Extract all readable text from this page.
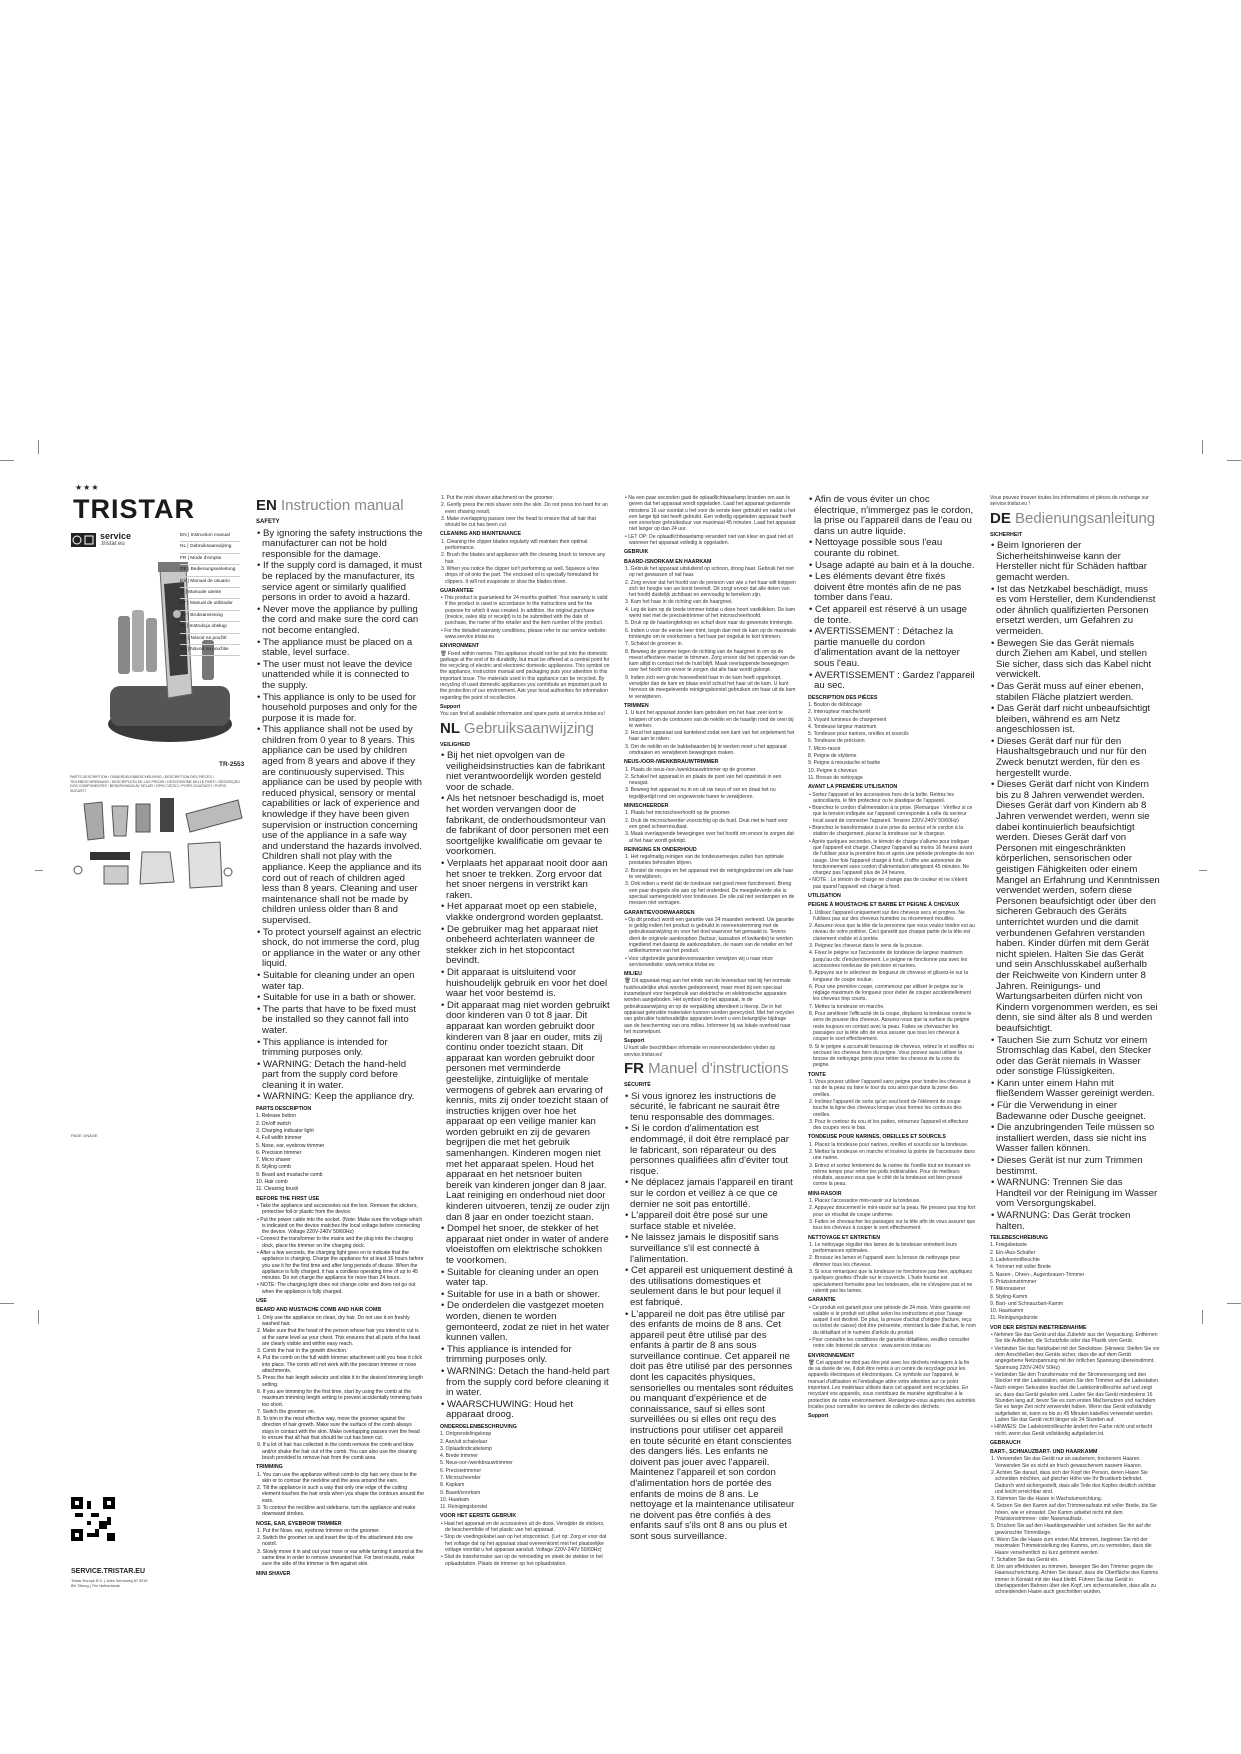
★★★
TRISTAR
service
.tristar.eu
EN | Instruction manual
NL | Gebruiksaanwijzing
FR | Mode d'emploi
DE | Bedienungsanleitung
ES | Manual de usuario
IT | Manuale utente
PT | Manual de utilizador
SV | Bruksanvisning
PL | Instrukcja obsługi
CS | Návod na použití
SK | Návod na použitie
TR-2553
PARTS DESCRIPTION / ONDERDELENBESCHRIJVING / DESCRIPTION DES PIÈCES / TEILEBESCHREIBUNG / DESCRIPCIÓN DE LAS PIEZAS / DESCRIZIONE DELLE PARTI / DESCRIÇÃO DOS COMPONENTES / BESKRIVNING AV DELAR / OPIS CZĘŚCI / POPIS SOUČÁSTÍ / POPIS SÚČASTÍ
PAGE 1/NAGE
SERVICE.TRISTAR.EU
Tristar Europe B.V. | Jules Verneweg 87 5015 BH Tilburg | The Netherlands
EN Instruction manual

SAFETY

• By ignoring the safety instructions the manufacturer can not be hold responsible for the damage.

• If the supply cord is damaged, it must be replaced by the manufacturer, its service agent or similarly qualified persons in order to avoid a hazard.

• Never move the appliance by pulling the cord and make sure the cord can not become entangled.

• The appliance must be placed on a stable, level surface.

• The user must not leave the device unattended while it is connected to the supply.

• This appliance is only to be used for household purposes and only for the purpose it is made for.

• This appliance shall not be used by children from 0 year to 8 years. This appliance can be used by children aged from 8 years and above if they are continuously supervised. This appliance can be used by people with reduced physical, sensory or mental capabilities or lack of experience and knowledge if they have been given supervision or instruction concerning use of the appliance in a safe way and understand the hazards involved. Children shall not play with the appliance. Keep the appliance and its cord out of reach of children aged less than 8 years. Cleaning and user maintenance shall not be made by children unless older than 8 and supervised.

• To protect yourself against an electric shock, do not immerse the cord, plug or appliance in the water or any other liquid.

• Suitable for cleaning under an open water tap.

• Suitable for use in a bath or shower.

• The parts that have to be fixed must be installed so they cannot fall into water.

• This appliance is intended for trimming purposes only.

• WARNING: Detach the hand-held part from the supply cord before cleaning it in water.

• WARNING: Keep the appliance dry.

PARTS DESCRIPTION

1. Release button

2. On/off switch

3. Charging indicator light

4. Full width trimmer

5. Nose, ear, eyebrow trimmer

6. Precision trimmer

7. Micro shaver

8. Styling comb

9. Beard and mustache comb

10. Hair comb

11. Cleaning brush

BEFORE THE FIRST USE

• Take the appliance and accessories out the box. Remove the stickers, protective foil or plastic from the device.

• Put the power cable into the socket. (Note: Make sure the voltage which is indicated on the device matches the local voltage before connecting the device. Voltage 220V-240V 50/60Hz)

• Connect the transformer to the mains and the plug into the charging dock, place the trimmer on the charging dock.

• After a few seconds, the charging light goes on to indicate that the appliance is charging. Charge the appliance for at least 16 hours before you use it for the first time and after long periods of disuse. When the appliance is fully charged, it has a cordless operating time of up to 45 minutes. Do not charge the appliance for more than 24 hours.

• NOTE: The charging light does not change color and does not go out when the appliance is fully charged.

USE

BEARD AND MUSTACHE COMB AND HAIR COMB

1. Only use the appliance on clean, dry hair. Do not use it on freshly washed hair.

2. Make sure that the head of the person whose hair you intend to cut is at the same level as your chest. This ensures that all parts of the head are clearly visible and within easy reach.

3. Comb the hair in the growth direction.

4. Put the comb on the full width trimmer attachment until you hear it click into place. The comb will not work with the precision trimmer or nose attachments.

5. Press the hair length selector and slide it to the desired trimming length setting.

6. If you are trimming for the first time, start by using the comb at the maximum trimming length setting to prevent accidentally trimming hairs too short.

7. Switch the groomer on.

8. To trim in the most effective way, move the groomer against the direction of hair growth. Make sure the surface of the comb always stays in contact with the skin. Make overlapping passes over the head to ensure that all hair that should be cut has been cut.

9. If a lot of hair has collected in the comb remove the comb and blow and/or shake the hair out of the comb. You can also use the cleaning brush provided to remove hair from the comb area.

TRIMMING

1. You can use the appliance without comb to clip hair very close to the skin or to contour the neckline and the area around the ears.

2. Tilt the appliance in such a way that only one edge of the cutting element touches the hair ends when you shape the contours around the ears.

3. To contour the neckline and sideburns, turn the appliance and make downward strokes.

NOSE, EAR, EYEBROW TRIMMER

1. Put the Nose, ear, eyebrow trimmer on the groomer.

2. Switch the groomer on and insert the tip of the attachment into one nostril.

3. Slowly move it in and out your nose or ear while turning it around at the same time in order to remove unwanted hair. For best results, make sure the side of the trimmer is firm against skin.

MINI SHAVER

1. Put the mini shaver attachment on the groomer.

2. Gently press the mini shaver onto the skin. Do not press too hard for an even shaving result.

3. Make overlapping passes over the head to ensure that all hair that should be cut has been cut.

CLEANING AND MAINTENANCE

1. Cleaning the clipper blades regularly will maintain their optimal performance.

2. Brush the blades and appliance with the cleaning brush to remove any hair.

3. When you notice the clipper isn't performing as well, Squeeze a few drops of oil onto the part. The enclosed oil is specially formulated for clippers. It will not evaporate or slow the blades down.

GUARANTEE

• This product is guaranteed for 24 months gratified. Your warranty is valid if the product is used in accordance to the instructions and for the purpose for which it was created. In addition, the original purchase (invoice, sales slip or receipt) is to be submitted with the date of purchase, the name of the retailer and the item number of the product.

• For the detailed warranty conditions, please refer to our service website: www.service.tristar.eu

ENVIRONMENT

🗑 Fixed within narrow. This appliance should not be put into the domestic garbage at the end of its durability, but must be offered at a central point for the recycling of electric and electronic domestic appliances. This symbol on the appliance, instruction manual and packaging puts your attention to this important issue. The materials used in this appliance can be recycled. By recycling of used domestic appliances you contribute an important push to the protection of our environment. Ask your local authorities for information regarding the point of recollection.

Support

You can find all available information and spare parts at service.tristar.eu!

NL Gebruiksaanwijzing

VEILIGHEID

• Bij het niet opvolgen van de veiligheidsinstructies kan de fabrikant niet verantwoordelijk worden gesteld voor de schade.

• Als het netsnoer beschadigd is, moet het worden vervangen door de fabrikant, de onderhoudsmonteur van de fabrikant of door personen met een soortgelijke kwalificatie om gevaar te voorkomen.

• Verplaats het apparaat nooit door aan het snoer te trekken. Zorg ervoor dat het snoer nergens in verstrikt kan raken.

• Het apparaat moet op een stabiele, vlakke ondergrond worden geplaatst.

• De gebruiker mag het apparaat niet onbeheerd achterlaten wanneer de stekker zich in het stopcontact bevindt.

• Dit apparaat is uitsluitend voor huishoudelijk gebruik en voor het doel waar het voor bestemd is.

• Dit apparaat mag niet worden gebruikt door kinderen van 0 tot 8 jaar. Dit apparaat kan worden gebruikt door kinderen van 8 jaar en ouder, mits zij continu onder toezicht staan. Dit apparaat kan worden gebruikt door personen met verminderde geestelijke, zintuiglijke of mentale vermogens of gebrek aan ervaring of kennis, mits zij onder toezicht staan of instructies krijgen over hoe het apparaat op een veilige manier kan worden gebruikt en zij de gevaren begrijpen die met het gebruik samenhangen. Kinderen mogen niet met het apparaat spelen. Houd het apparaat en het netsnoer buiten bereik van kinderen jonger dan 8 jaar. Laat reiniging en onderhoud niet door kinderen uitvoeren, tenzij ze ouder zijn dan 8 jaar en onder toezicht staan.

• Dompel het snoer, de stekker of het apparaat niet onder in water of andere vloeistoffen om elektrische schokken te voorkomen.

• Suitable for cleaning under an open water tap.

• Suitable for use in a bath or shower.

• De onderdelen die vastgezet moeten worden, dienen te worden gemonteerd, zodat ze niet in het water kunnen vallen.

• This appliance is intended for trimming purposes only.

• WARNING: Detach the hand-held part from the supply cord before cleaning it in water.

• WAARSCHUWING: Houd het apparaat droog.

ONDERDELENBESCHRIJVING

1. Ontgrendelingsknop

2. Aan/uit schakelaar

3. Oplaadindicatielamp

4. Brede trimmer

5. Neus-oor-/wenkbrauwtrimmer

6. Precisietrimmer

7. Microscheerder

8. Kapkam

9. Baard/snorkam

10. Haarkam

11. Reinigingsborstel

VOOR HET EERSTE GEBRUIK

• Haal het apparaat en de accessoires uit de doos. Verwijder de stickers, de beschermfolie of het plastic van het apparaat.

• Stop de voedingskabel aan op het stopcontact. (Let op: Zorg er voor dat het voltage dat op het apparaat staat overeenkomt met het plaatselijke voltage voordat u het apparaat aansluit. Voltage 220V-240V 50/60Hz)

• Sluit de transformator aan op de netvoeding en steek de stekker in het oplaadstation. Plaats de trimmer op het oplaadstation.

• Na een paar seconden gaat de oplaadlichtwaarlamp branden om aan te geven dat het apparaat wordt opgeladen. Laad het apparaat gedurende minstens 16 uur voordat u het voor de eerste keer gebruikt en nadat u het een lange tijd niet heeft gebruikt. Een volledig opgeladen apparaat heeft een snoerloze gebruiksduur van maximaal 45 minuten. Laad het apparaat niet langer op dan 24 uur.

• LET OP: De oplaadlichtwaarlamp verandert niet van kleur en gaat niet uit wanneer het apparaat volledig is opgeladen.

GEBRUIK

BAARD-/SNORKAM EN HAARKAM

1. Gebruik het apparaat uitsluitend op schoon, droog haar. Gebruik het niet op net gewassen of nat haar.

2. Zorg ervoor dat het hoofd van de persoon van wie u het haar wilt knippen zich ter hoogte van uw borst bevindt. Dit zorgt ervoor dat alle delen van het hoofd duidelijk zichtbaar en eenvoudig te bereiken zijn.

3. Kam het haar in de richting van de haargroei.

4. Leg de kam op de brede trimmer totdat u deze hoort vastklikken. De kam werkt niet met de precisietrimmer of het microscheerhoofd.

5. Druk op de haarlengteknop en schuif deze naar de gewenste trimlengte.

6. Indien u voor de eerste keer trimt, begin dan met de kam op de maximale trimlengte om te voorkomen u het haar per ongeluk te kort trimmen.

7. Schakel de groomer in.

8. Beweeg de groomer tegen de richting van de haargroei in om op de meest effectieve manier te trimmen. Zorg ervoor dat het oppervlak van de kam altijd in contact met de huid blijft. Maak overlappende bewegingen over het hoofd om ervoor te zorgen dat alle haar wordt geknipt.

9. Indien zich een grote hoeveelheid haar in de kam heeft opgehoopt, verwijder dan de kam en blaas en/of schud het haar uit de kam. U kunt hiervoor de meegeleverde reinigingsborstel gebruiken om haar uit de kam te verwijderen.

TRIMMEN

1. U kunt het apparaat zonder kam gebruiken om het haar zeer kort te knippen of om de contouren van de nekliin en de haarlijn rond de oren bij te werken.

2. Houd het apparaat wat kantelend zodat een kant van het snijelement het haar aan te raken.

3. Om de nekliin en de bakkebaarden bij te werken moet u het apparaat omdraaien en verwijderen bewegingen maken.

NEUS-/OOR-/WENKBRAUWTRIMMER

1. Plaats de neus-/oor-/wenkbrauwtrimmer op de groomer.

2. Schakel het apparaat in en plaats de punt van het opzetstuk in een neusgat.

3. Beweeg het apparaat nu in en uit uw neus of oor en draai het nu tegelijkertijd rond om ongewenste haren te verwijderen.

MINISCHEERDER

1. Plaats het microscheerhoofd op de groomer.

2. Druk de microscheerder voorzichtig op de huid. Druk niet te hard voor een goed scheerresultaat.

3. Maak overlappende bewegingen over het hoofd om ervoor te zorgen dat al het haar wordt geknipt.

REINIGING EN ONDERHOUD

1. Het regelmatig reinigen van de tondeusemesjes zullen hun optimale prestaties behouden blijven.

2. Borstel de mesjes en het apparaat met de reinigingsborstel om alle haar te verwijderen.

3. Ook indien u merkt dat de tondeuse niet goed meer functioneert. Breng een paar druppels olie aan op het onderdeel. De meegeleverde olie is speciaal samengesteld voor tondeuses. De olie zal niet verdampen en de messen niet vertragen.

GARANTIEVOORWAARDEN

• Op dit product wordt een garantie van 24 maanden verleend. Uw garantie is geldig indien het product is gebruikt in overeenstemming met de gebruiksaanwijzing en voor het doel waarvoor het gemaakt is. Tevens dient de originele aankoopbon (factuur, kassabon of kwitantie) te worden ingediend met daarop de aankoopdatum, de naam van de retailer en het artikelnummer van het product.

• Voor uitgebreide garantievoorwaarden verwijzen wij u naar onze servicewebsite: www.service.tristar.eu

MILIEU

🗑 Dit apparaat mag aan het einde van de levensduur niet bij het normale huishoudelijke afval worden gedeponeerd, maar moet bij een speciaal inzamelpunt voor hergebruik van elektrische en elektronische apparaten worden aangeboden. Het symbool op het apparaat, in de gebruiksaanwijzing en op de verpakking attendeert u hierop. De in het apparaat gebruikte materialen kunnen worden gerecycled. Met het recyclen van gebruikte huishoudelijke apparaten levert u een belangrijke bijdrage aan de bescherming van ons milieu. Informeer bij uw lokale overheid naar het inzamelpunt.

Support

U kunt alle beschikbare informatie en reserveonderdelen vinden op service.tristar.eu!

FR Manuel d'instructions

SÉCURITÉ

• Si vous ignorez les instructions de sécurité, le fabricant ne saurait être tenu responsable des dommages.

• Si le cordon d'alimentation est endommagé, il doit être remplacé par le fabricant, son réparateur ou des personnes qualifiées afin d'éviter tout risque.

• Ne déplacez jamais l'appareil en tirant sur le cordon et veillez à ce que ce dernier ne soit pas entortillé.

• L'appareil doit être posé sur une surface stable et nivelée.

• Ne laissez jamais le dispositif sans surveillance s'il est connecté à l'alimentation.

• Cet appareil est uniquement destiné à des utilisations domestiques et seulement dans le but pour lequel il est fabriqué.

• L'appareil ne doit pas être utilisé par des enfants de moins de 8 ans. Cet appareil peut être utilisé par des enfants à partir de 8 ans sous surveillance continue. Cet appareil ne doit pas être utilisé par des personnes dont les capacités physiques, sensorielles ou mentales sont réduites ou manquant d'expérience et de connaissance, sauf si elles sont surveillées ou si elles ont reçu des instructions pour utiliser cet appareil en toute sécurité en étant conscientes des dangers liés. Les enfants ne doivent pas jouer avec l'appareil. Maintenez l'appareil et son cordon d'alimentation hors de portée des enfants de moins de 8 ans. Le nettoyage et la maintenance utilisateur ne doivent pas être confiés à des enfants sauf s'ils ont 8 ans ou plus et sont sous surveillance.

• Afin de vous éviter un choc électrique, n'immergez pas le cordon, la prise ou l'appareil dans de l'eau ou dans un autre liquide.

• Nettoyage possible sous l'eau courante du robinet.

• Usage adapté au bain et à la douche.

• Les éléments devant être fixés doivent être montés afin de ne pas tomber dans l'eau.

• Cet appareil est réservé à un usage de tonte.

• AVERTISSEMENT : Détachez la partie manuelle du cordon d'alimentation avant de la nettoyer sous l'eau.

• AVERTISSEMENT : Gardez l'appareil au sec.

DESCRIPTION DES PIÈCES

1. Bouton de déblocage

2. Interrupteur marche/arrêt

3. Voyant lumineux de chargement

4. Tondeuse largeur maximum

5. Tondeuse pour narines, oreilles et sourcils

6. Tondeuse de précision

7. Micro-rasoir

8. Peigne de stylisme

9. Peigne à moustache et barbe

10. Peigne à cheveux

11. Brosse de nettoyage

AVANT LA PREMIÈRE UTILISATION

• Sortez l'appareil et les accessoires hors de la boîte. Retirez les autocollants, le film protecteur ou le plastique de l'appareil.

• Branchez le cordon d'alimentation à la prise. (Remarque : Vérifiez si ce que la tension indiquée sur l'appareil corresponde à celle du secteur local avant de connecter l'appareil. Tension 220V-240V 50/60Hz)

• Branchez le transformateur à une prise du secteur et le cordon à la station de chargement, placez la tondeuse sur le chargeur.

• Après quelques secondes, le témoin de charge s'allume pour indiquer que l'appareil est chargé. Chargez l'appareil au moins 16 heures avant de l'utiliser pour la première fois et après une période prolongée de non usage. Une fois l'appareil chargé à fond, il offre une autonomie de fonctionnement sans cordon d'alimentation atteignant 45 minutes. Ne chargez pas l'appareil plus de 24 heures.

• NOTE : Le témoin de charge ne change pas de couleur et ne s'éteint pas quand l'appareil est chargé à fond.

UTILISATION

PEIGNE À MOUSTACHE ET BARBE ET PEIGNE À CHEVEUX

1. Utilisez l'appareil uniquement sur des cheveux secs et propres. Ne l'utilisez pas sur des cheveux humides ou récemment mouillés.

2. Assurez-vous que la tête de la personne que vous voulez tondre est au niveau de votre poitrine. Ceci garantit que chaque partie de la tête est clairement visible et à portée.

3. Peignez les cheveux dans le sens de la pousse.

4. Fixez le peigne sur l'accessoire de tondeuse de largeur maximum jusqu'au clic d'enclenchement. Le peigne ne fonctionne pas avec les accessoires tondeuse de précision et narines.

5. Appuyez sur le sélecteur de longueur de cheveux et glissez-le sur la longueur de coupe voulue.

6. Pour une première coupe, commencez par utiliser le peigne sur le réglage maximum de longueur pour éviter de couper accidentellement les cheveux trop courts.

7. Mettez la tondeuse en marche.

8. Pour améliorer l'efficacité de la coupe, déplacez la tondeuse contre le sens de pousse des cheveux. Assurez-vous que la surface du peigne reste toujours en contact avec la peau. Faites se chevaucher les passages sur la tête afin de vous assurer que tous les cheveux à couper le sont effectivement.

9. Si le peigne a accumulé beaucoup de cheveux, retirez le et soufflez ou secouez les cheveux hors du peigne. Vous pouvez aussi utiliser la brosse de nettoyage jointe pour retirer les cheveux de la zone du peigne.

TONTE

1. Vous pouvez utiliser l'appareil sans peigne pour tondre les cheveux à ras de la peau ou faire le tour du cou ainsi que dans la zone des oreilles.

2. Inclinez l'appareil de sorte qu'un seul bord de l'élément de coupe touche la ligne des cheveux lorsque vous formez les contours des oreilles.

3. Pour le contour du cou et les pattes, retournez l'appareil et effectuez des coupes vers le bas.

TONDEUSE POUR NARINES, OREILLES ET SOURCILS

1. Placez la tondeuse pour narines, oreilles et sourcils sur la tondeuse.

2. Mettez la tondeuse en marche et insérez la pointe de l'accessoire dans une narine.

3. Entrez et sortez lentement de la narine de l'oreille tout en tournant en même temps pour retirer les poils indésirables. Pour de meilleurs résultats, assurez-vous que le côté de la tondeuse est bien pressé contre la peau.

MINI-RASOIR

1. Placez l'accessoire mini-rasoir sur la tondeuse.

2. Appuyez doucement le mini-rasoir sur la peau. Ne pressez pas trop fort pour un résultat de coupe uniforme.

3. Faites se chevaucher les passages sur la tête afin de vous assurer que tous les cheveux à couper le sont effectivement.

NETTOYAGE ET ENTRETIEN

1. Le nettoyage régulier des lames de la tondeuse entretient leurs performances optimales.

2. Brossez les lames et l'appareil avec la brosse de nettoyage pour éliminer tous les cheveux.

3. Si vous remarquez que la tondeuse ne fonctionne pas bien, appliquez quelques gouttes d'huile sur le couvercle. L'huile fournie est spécialement formulée pour les tondeuses, elle ne s'évapore pas et ne ralentit pas les lames.

GARANTIE

• Ce produit est garanti pour une période de 24 mois. Votre garantie est valable si le produit est utilisé selon les instructions et pour l'usage auquel il est destiné. De plus, la preuve d'achat d'origine (facture, reçu ou ticket de caisse) doit être présentée, montrant la date d'achat, le nom du détaillant et le numéro d'article du produit.

• Pour connaître les conditions de garantie détaillées, veuillez consulter notre site Internet de service : www.service.tristar.eu

ENVIRONNEMENT

🗑 Cet appareil ne doit pas être jeté avec les déchets ménagers à la fin de sa durée de vie, il doit être remis à un centre de recyclage pour les appareils électriques et électroniques. Ce symbole sur l'appareil, le manuel d'utilisation et l'emballage attire votre attention sur ce point important. Les matériaux utilisés dans cet appareil sont recyclables. En recyclant vos appareils, vous contribuez de manière significative à la protection de notre environnement. Renseignez-vous auprès des autorités locales pour connaître les centres de collecte des déchets.

Support

Vous pouvez trouver toutes les informations et pièces de rechange sur service.tristar.eu !

DE Bedienungsanleitung

SICHERHEIT

• Beim Ignorieren der Sicherheitshinweise kann der Hersteller nicht für Schäden haftbar gemacht werden.

• Ist das Netzkabel beschädigt, muss es vom Hersteller, dem Kundendienst oder ähnlich qualifizierten Personen ersetzt werden, um Gefahren zu vermeiden.

• Bewegen Sie das Gerät niemals durch Ziehen am Kabel, und stellen Sie sicher, dass sich das Kabel nicht verwickelt.

• Das Gerät muss auf einer ebenen, stabilen Fläche platziert werden.

• Das Gerät darf nicht unbeaufsichtigt bleiben, während es am Netz angeschlossen ist.

• Dieses Gerät darf nur für den Haushaltsgebrauch und nur für den Zweck benutzt werden, für den es hergestellt wurde.

• Dieses Gerät darf nicht von Kindern bis zu 8 Jahren verwendet werden. Dieses Gerät darf von Kindern ab 8 Jahren verwendet werden, wenn sie dabei kontinuierlich beaufsichtigt werden. Dieses Gerät darf von Personen mit eingeschränkten körperlichen, sensorischen oder geistigen Fähigkeiten oder einem Mangel an Erfahrung und Kenntnissen verwendet werden, sofern diese Personen beaufsichtigt oder über den sicheren Gebrauch des Geräts unterrichtet wurden und die damit verbundenen Gefahren verstanden haben. Kinder dürfen mit dem Gerät nicht spielen. Halten Sie das Gerät und sein Anschlusskabel außerhalb der Reichweite von Kindern unter 8 Jahren. Reinigungs- und Wartungsarbeiten dürfen nicht von Kindern vorgenommen werden, es sei denn, sie sind älter als 8 und werden beaufsichtigt.

• Tauchen Sie zum Schutz vor einem Stromschlag das Kabel, den Stecker oder das Gerät niemals in Wasser oder sonstige Flüssigkeiten.

• Kann unter einem Hahn mit fließendem Wasser gereinigt werden.

• Für die Verwendung in einer Badewanne oder Dusche geeignet.

• Die anzubringenden Teile müssen so installiert werden, dass sie nicht ins Wasser fallen können.

• Dieses Gerät ist nur zum Trimmen bestimmt.

• WARNUNG: Trennen Sie das Handteil vor der Reinigung im Wasser vom Versorgungskabel.

• WARNUNG: Das Gerät trocken halten.

TEILEBESCHREIBUNG

1. Freigabetaste

2. Ein-/Aus-Schalter

3. Ladekontrollleuchte

4. Trimmer mit voller Breite

5. Nasen-, Ohren-, Augenbrauen-Trimmer

6. Präzisionstrimmer

7. Mikrorasierer

8. Styling-Kamm

9. Bart- und Schnauzbart-Kamm

10. Haarkamm

11. Reinigungsbürste

VOR DER ERSTEN INBETRIEBNAHME

• Nehmen Sie das Gerät und das Zubehör aus der Verpackung. Entfernen Sie die Aufkleber, die Schutzfolie oder das Plastik vom Gerät.

• Verbinden Sie das Netzkabel mit der Steckdose. (Hinweis: Stellen Sie vor dem Anschließen des Geräts sicher, dass die auf dem Gerät angegebene Netzspannung mit der örtlichen Spannung übereinstimmt. Spannung 220V-240V 50Hz)

• Verbinden Sie den Transformator mit der Stromversorgung und den Stecker mit der Ladestation, setzen Sie den Trimmer auf die Ladestation.

• Nach einigen Sekunden leuchtet die Ladekontrollleuchte auf und zeigt an, dass das Gerät geladen wird. Laden Sie das Gerät mindestens 16 Stunden lang auf, bevor Sie es zum ersten Mal benutzen und nachdem Sie es lange Zeit nicht verwendet haben. Wenn das Gerät vollständig aufgeladen ist, kann es bis zu 45 Minuten kabellos verwendet werden. Laden Sie das Gerät nicht länger als 24 Stunden auf.

• HINWEIS: Die Ladekontrollleuchte ändert ihre Farbe nicht und erlischt nicht, wenn das Gerät vollständig aufgeladen ist.

GEBRAUCH

BART-, SCHNAUZBART- UND HAARKAMM

1. Verwenden Sie das Gerät nur an sauberem, trockenem Haaren. Verwenden Sie es nicht an frisch gewaschenem nassem Haaren.

2. Achten Sie darauf, dass sich der Kopf der Person, deren Haare Sie schneiden möchten, auf gleicher Höhe wie Ihr Brustkorb befindet. Dadurch wird sichergestellt, dass alle Teile des Kopfes deutlich sichtbar und leicht erreichbar sind.

3. Kämmen Sie die Haare in Wachstumsrichtung.

4. Setzen Sie den Kamm auf den Trimmeraufsatz mit voller Breite, bis Sie hören, wie er einrastet. Der Kamm arbeitet nicht mit dem Präzisionstrimmer- oder Nasenaufsatz.

5. Drücken Sie auf den Haarlängenwähler und schieben Sie ihn auf die gewünschte Trimmlänge.

6. Wenn Sie die Haare zum ersten Mal trimmen, beginnen Sie mit der maximalen Trimmeinstellung des Kamms, um zu vermeiden, dass die Haare versehentlich zu kurz getrimmt werden.

7. Schalten Sie das Gerät ein.

8. Um am effektivsten zu trimmen, bewegen Sie den Trimmer gegen die Haarwuchsrichtung. Achten Sie darauf, dass die Oberfläche des Kamms immer in Kontakt mit der Haut bleibt. Führen Sie das Gerät in überlappenden Bahnen über den Kopf, um sicherzustellen, dass alle zu schneidenden Haare auch geschnitten wurden.
